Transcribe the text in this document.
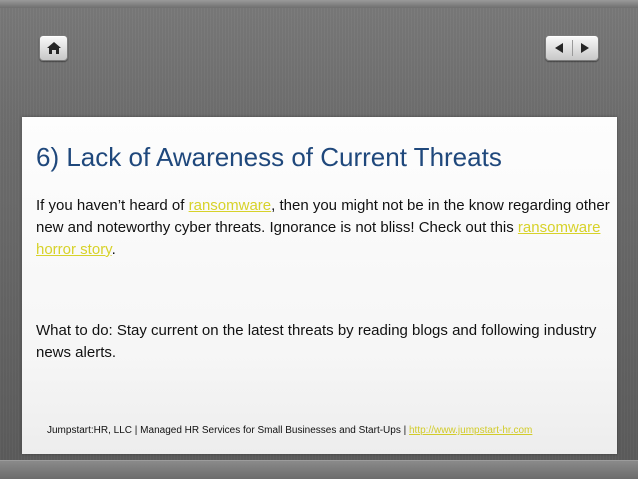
6) Lack of Awareness of Current Threats

If you haven’t heard of ransomware, then you might not be in the know regarding other new and noteworthy cyber threats. Ignorance is not bliss! Check out this ransomware horror story.

What to do: Stay current on the latest threats by reading blogs and following industry news alerts.

Jumpstart:HR, LLC | Managed HR Services for Small Businesses and Start-Ups | http://www.jumpstart-hr.com
